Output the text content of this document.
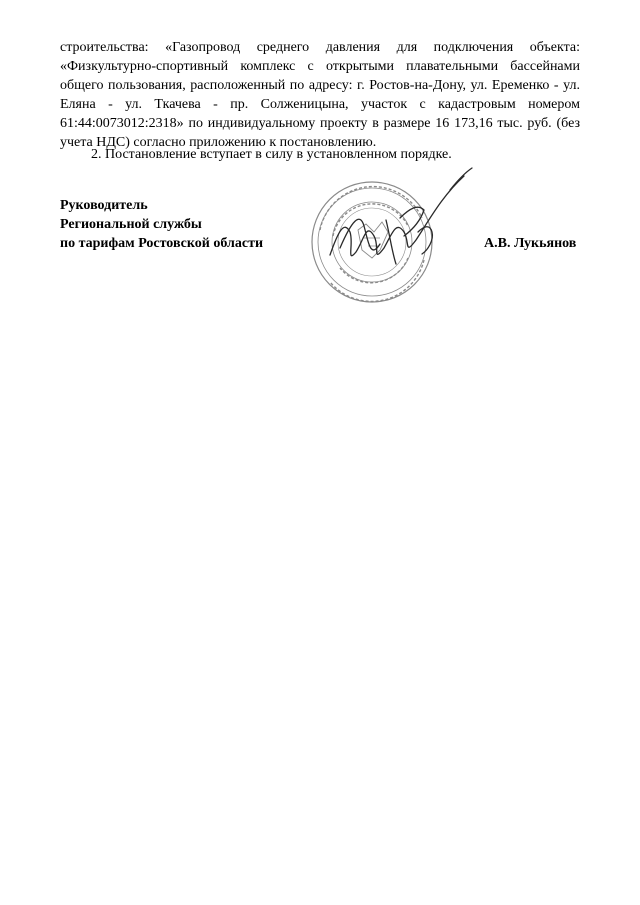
строительства: «Газопровод среднего давления для подключения объекта: «Физкультурно-спортивный комплекс с открытыми плавательными бассейнами общего пользования, расположенный по адресу: г. Ростов-на-Дону, ул. Еременко - ул. Еляна - ул. Ткачева - пр. Солженицына, участок с кадастровым номером 61:44:0073012:2318» по индивидуальному проекту в размере 16 173,16 тыс. руб. (без учета НДС) согласно приложению к постановлению.

2. Постановление вступает в силу в установленном порядке.

Руководитель
Региональной службы
по тарифам Ростовской области	А.В. Лукьянов
